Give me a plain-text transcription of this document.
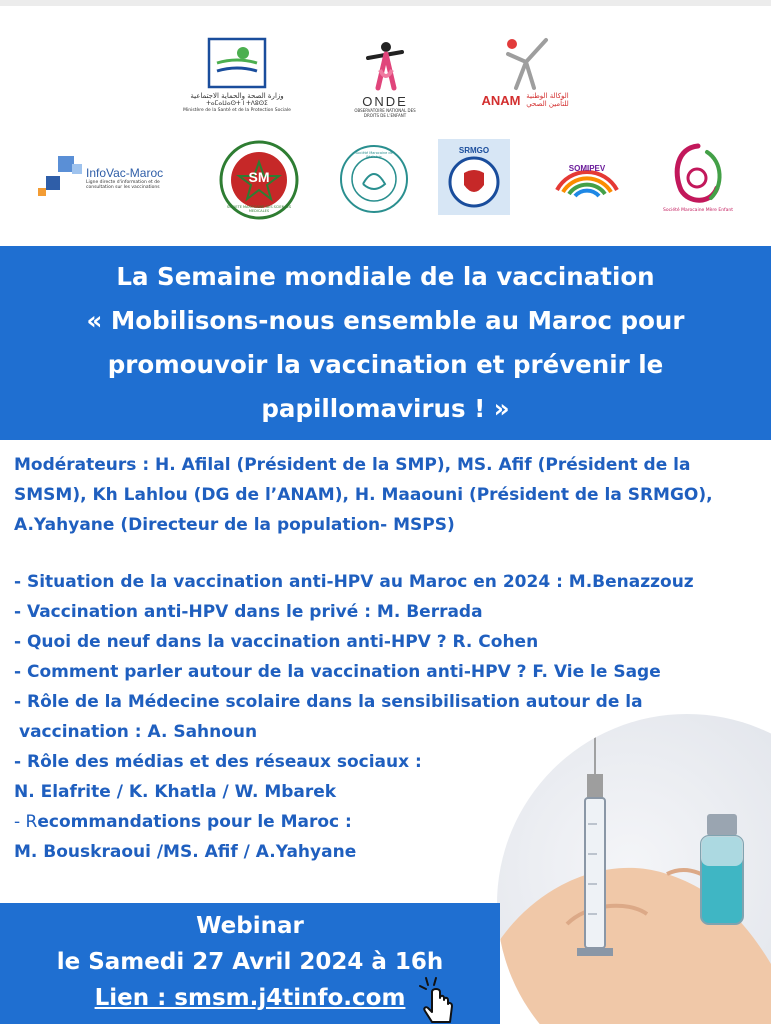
وزارة الصحة والحماية الاجتماعية
ⵜⴰⵎⴰⵡⴰⵙⵜ ⵏ ⵜⴷⵓⵙⵉ
Ministère de la Santé et de la Protection Sociale
ONDE
OBSERVATOIRE NATIONAL DES DROITS DE L'ENFANT
ANAM الوكالة الوطنية للتأمين الصحي
InfoVac-Maroc
Ligne directe d'information et de consultation sur les vaccinations
SM
SOCIETE MAROCAINE DES SCIENCES MEDICALES
Société Marocaine de Pédiatrie
SRMGO
SOMIPEV
Société Marocaine Mère Enfant
La Semaine mondiale de la vaccination
« Mobilisons-nous ensemble au Maroc pour
promouvoir la vaccination et prévenir le
papillomavirus ! »
Modérateurs : H. Afilal (Président de la SMP), MS. Afif (Président de la
SMSM), Kh Lahlou (DG de l’ANAM), H. Maaouni (Président de la SRMGO),
A.Yahyane (Directeur de la population- MSPS)
- Situation de la vaccination anti-HPV au Maroc en 2024 : M.Benazzouz
- Vaccination anti-HPV dans le privé : M. Berrada
- Quoi de neuf dans la vaccination anti-HPV ? R. Cohen
- Comment parler autour de la vaccination anti-HPV ? F. Vie le Sage
- Rôle de la Médecine scolaire dans la sensibilisation autour de la
vaccination : A. Sahnoun
- Rôle des médias et des réseaux sociaux :
N. Elafrite / K. Khatla / W. Mbarek
- Recommandations pour le Maroc :
M. Bouskraoui /MS. Afif / A.Yahyane
Webinar
le Samedi 27 Avril 2024 à 16h
Lien : smsm.j4tinfo.com
